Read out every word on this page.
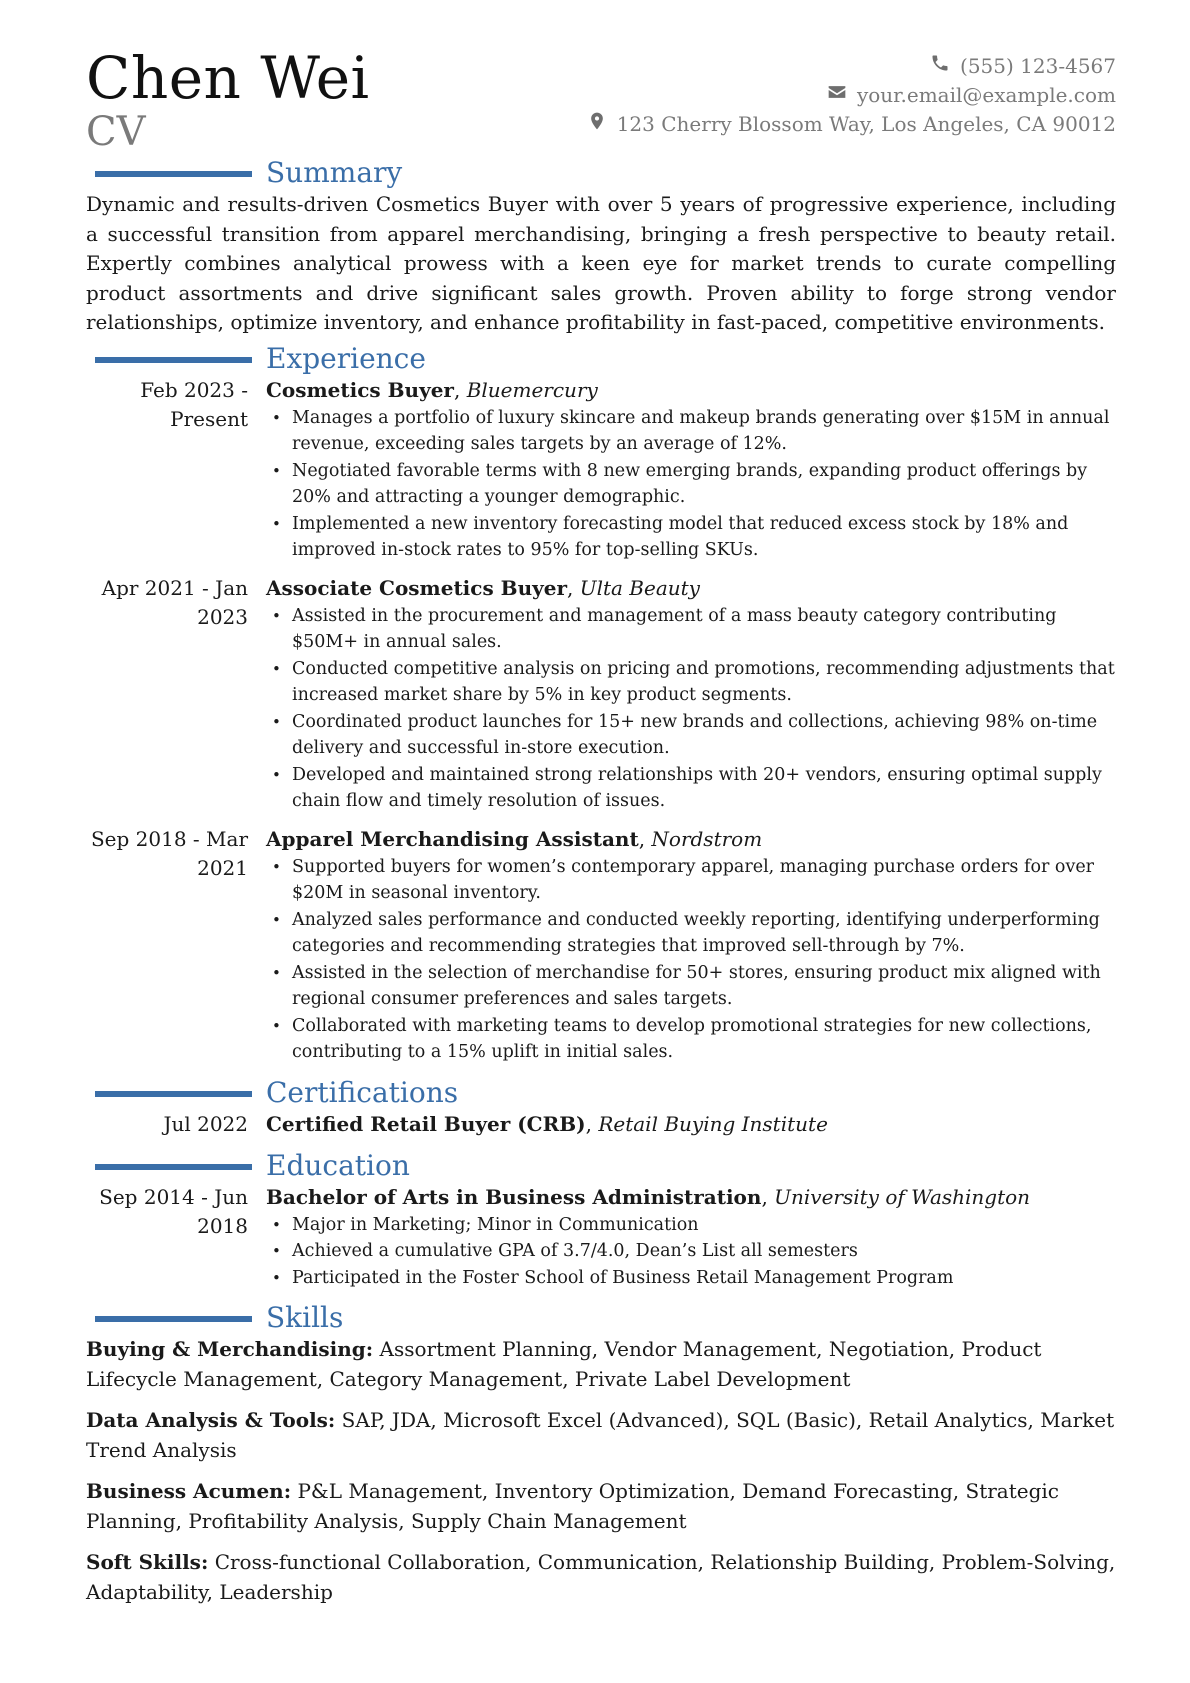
Chen Wei
CV
(555) 123-4567
your.email@example.com
123 Cherry Blossom Way, Los Angeles, CA 90012
Summary

Dynamic and results-driven Cosmetics Buyer with over 5 years of progressive experience, including a successful transition from apparel merchandising, bringing a fresh perspective to beauty retail. Expertly combines analytical prowess with a keen eye for market trends to curate compelling product assortments and drive significant sales growth. Proven ability to forge strong vendor relationships, optimize inventory, and enhance profitability in fast-paced, competitive environments.

Experience
Feb 2023 - Present
Cosmetics Buyer, Bluemercury
• Manages a portfolio of luxury skincare and makeup brands generating over $15M in annual revenue, exceeding sales targets by an average of 12%.
• Negotiated favorable terms with 8 new emerging brands, expanding product offerings by 20% and attracting a younger demographic.
• Implemented a new inventory forecasting model that reduced excess stock by 18% and improved in-stock rates to 95% for top-selling SKUs.
Apr 2021 - Jan 2023
Associate Cosmetics Buyer, Ulta Beauty
• Assisted in the procurement and management of a mass beauty category contributing $50M+ in annual sales.
• Conducted competitive analysis on pricing and promotions, recommending adjustments that increased market share by 5% in key product segments.
• Coordinated product launches for 15+ new brands and collections, achieving 98% on-time delivery and successful in-store execution.
• Developed and maintained strong relationships with 20+ vendors, ensuring optimal supply chain flow and timely resolution of issues.
Sep 2018 - Mar 2021
Apparel Merchandising Assistant, Nordstrom
• Supported buyers for women’s contemporary apparel, managing purchase orders for over $20M in seasonal inventory.
• Analyzed sales performance and conducted weekly reporting, identifying underperforming categories and recommending strategies that improved sell-through by 7%.
• Assisted in the selection of merchandise for 50+ stores, ensuring product mix aligned with regional consumer preferences and sales targets.
• Collaborated with marketing teams to develop promotional strategies for new collections, contributing to a 15% uplift in initial sales.
Certifications
Jul 2022 Certified Retail Buyer (CRB), Retail Buying Institute
Education
Sep 2014 - Jun 2018
Bachelor of Arts in Business Administration, University of Washington
• Major in Marketing; Minor in Communication
• Achieved a cumulative GPA of 3.7/4.0, Dean’s List all semesters
• Participated in the Foster School of Business Retail Management Program
Skills
Buying & Merchandising: Assortment Planning, Vendor Management, Negotiation, Product Lifecycle Management, Category Management, Private Label Development
Data Analysis & Tools: SAP, JDA, Microsoft Excel (Advanced), SQL (Basic), Retail Analytics, Market Trend Analysis
Business Acumen: P&L Management, Inventory Optimization, Demand Forecasting, Strategic Planning, Profitability Analysis, Supply Chain Management
Soft Skills: Cross-functional Collaboration, Communication, Relationship Building, Problem-Solving, Adaptability, Leadership
